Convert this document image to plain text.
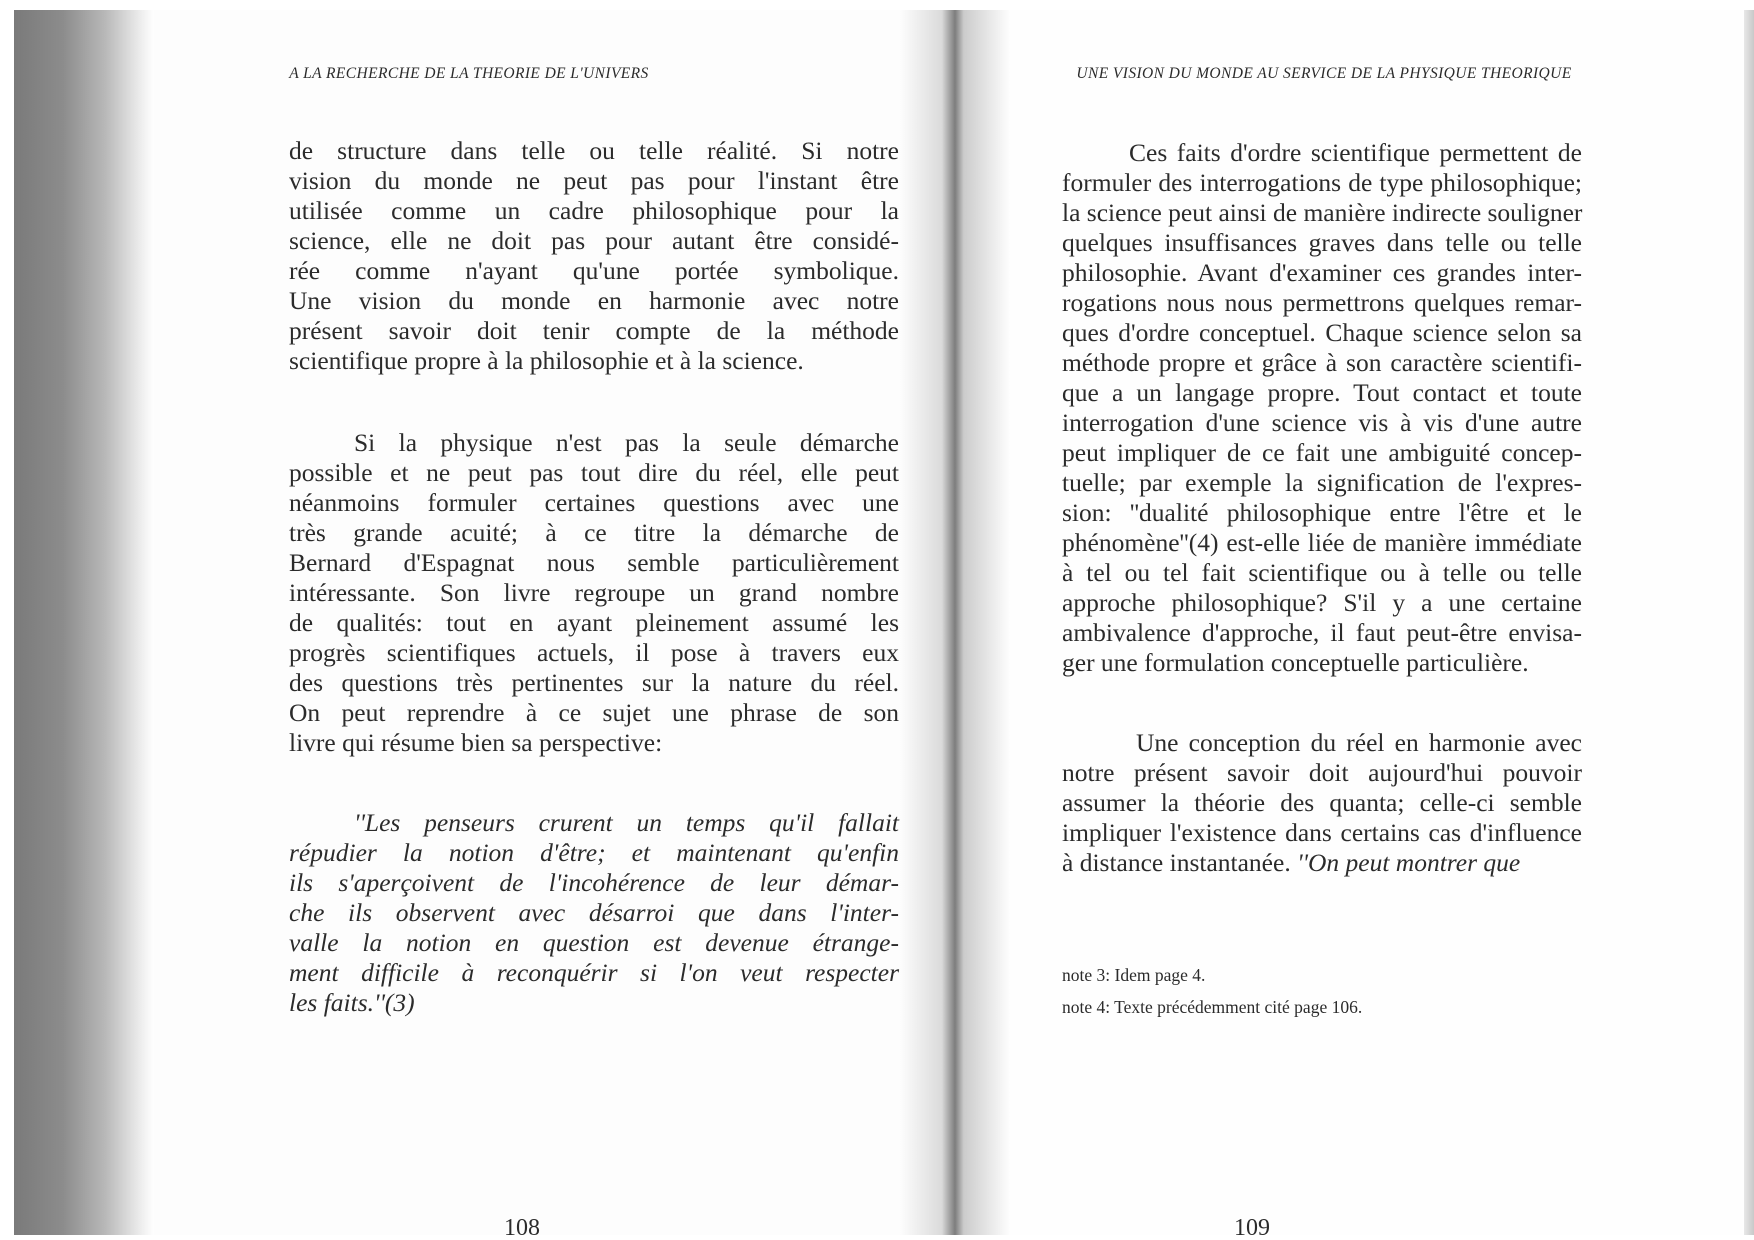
A LA RECHERCHE DE LA THEORIE DE L'UNIVERS
de structure dans telle ou telle réalité. Si notre
vision du monde ne peut pas pour l'instant être
utilisée comme un cadre philosophique pour la
science, elle ne doit pas pour autant être considé-
rée comme n'ayant qu'une portée symbolique.
Une vision du monde en harmonie avec notre
présent savoir doit tenir compte de la méthode
scientifique propre à la philosophie et à la science.
Si la physique n'est pas la seule démarche
possible et ne peut pas tout dire du réel, elle peut
néanmoins formuler certaines questions avec une
très grande acuité; à ce titre la démarche de
Bernard d'Espagnat nous semble particulièrement
intéressante. Son livre regroupe un grand nombre
de qualités: tout en ayant pleinement assumé les
progrès scientifiques actuels, il pose à travers eux
des questions très pertinentes sur la nature du réel.
On peut reprendre à ce sujet une phrase de son
livre qui résume bien sa perspective:
''Les penseurs crurent un temps qu'il fallait
répudier la notion d'être; et maintenant qu'enfin
ils s'aperçoivent de l'incohérence de leur démar-
che ils observent avec désarroi que dans l'inter-
valle la notion en question est devenue étrange-
ment difficile à reconquérir si l'on veut respecter
les faits.''(3)
108
UNE VISION DU MONDE AU SERVICE DE LA PHYSIQUE THEORIQUE
Ces faits d'ordre scientifique permettent de
formuler des interrogations de type philosophique;
la science peut ainsi de manière indirecte souligner
quelques insuffisances graves dans telle ou telle
philosophie. Avant d'examiner ces grandes inter-
rogations nous nous permettrons quelques remar-
ques d'ordre conceptuel. Chaque science selon sa
méthode propre et grâce à son caractère scientifi-
que a un langage propre. Tout contact et toute
interrogation d'une science vis à vis d'une autre
peut impliquer de ce fait une ambiguité concep-
tuelle; par exemple la signification de l'expres-
sion: ''dualité philosophique entre l'être et le
phénomène''(4) est-elle liée de manière immédiate
à tel ou tel fait scientifique ou à telle ou telle
approche philosophique? S'il y a une certaine
ambivalence d'approche, il faut peut-être envisa-
ger une formulation conceptuelle particulière.
Une conception du réel en harmonie avec
notre présent savoir doit aujourd'hui pouvoir
assumer la théorie des quanta; celle-ci semble
impliquer l'existence dans certains cas d'influence
à distance instantanée. ''On peut montrer que
note 3: Idem page 4.
note 4: Texte précédemment cité page 106.
109
